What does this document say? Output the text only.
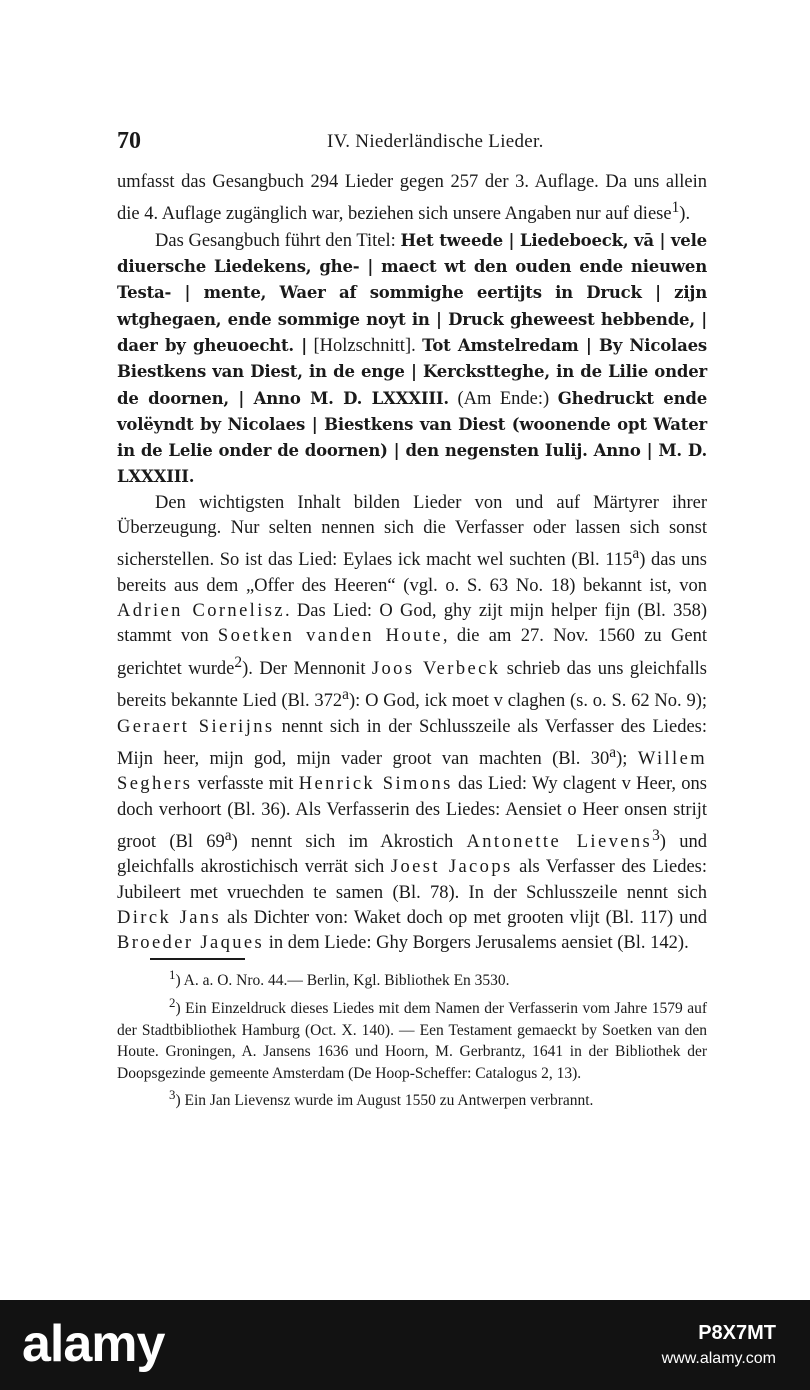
70	IV. Niederländische Lieder.

umfasst das Gesangbuch 294 Lieder gegen 257 der 3. Auflage. Da uns allein die 4. Auflage zugänglich war, beziehen sich unsere Angaben nur auf diese$^1$).

Das Gesangbuch führt den Titel: Het tweede | Liedeboeck, vā | vele diuersche Liedekens, ghe- | maect wt den ouden ende nieuwen Testa- | mente, Waer af sommighe eertijts in Druck | zijn wtghegaen, ende sommige noyt in | Druck ghewe​est hebbende, | daer by gheuoecht. | [Holzschnitt]. Tot Amstelredam | By Nicolaes Biestkens van Diest, in de enge | Kerckstteghe, in de Lilie onder de doornen, | Anno M. D. LXXXIII. (Am Ende:) Ghedruckt ende volëyndt by Nicolaes | Biestkens van Diest (woonende opt Water in de Lelie onder de doornen) | den negensten Iulij. Anno | M. D. LXXXIII.

Den wichtigsten Inhalt bilden Lieder von und auf Märtyrer ihrer Überzeugung. Nur selten nennen sich die Verfasser oder lassen sich sonst sicherstellen. So ist das Lied: Eylaes ick macht wel suchten (Bl. 115$^a$) das uns bereits aus dem „Offer des Heeren“ (vgl. o. S. 63 No. 18) bekannt ist, von Adrien Cornelisz. Das Lied: O God, ghy zijt mijn helper fijn (Bl. 358) stammt von Soetken vanden Houte, die am 27. Nov. 1560 zu Gent gerichtet wurde$^2$). Der Mennonit Joos Verbeck schrieb das uns gleichfalls bereits bekannte Lied (Bl. 372$^a$): O God, ick moet v claghen (s. o. S. 62 No. 9); Geraert Sierijns nennt sich in der Schlusszeile als Verfasser des Liedes: Mijn heer, mijn god, mijn vader groot van machten (Bl. 30$^a$); Willem Seghers verfasste mit Henrick Simons das Lied: Wy clagent v Heer, ons doch verhoort (Bl. 36). Als Verfasserin des Liedes: Aensiet o Heer onsen strijt groot (Bl 69$^a$) nennt sich im Akrostich Antonette Lievens$^3$) und gleichfalls akrostichisch verrät sich Joest Jacops als Verfasser des Liedes: Jubileert met vruechden te samen (Bl. 78). In der Schlusszeile nennt sich Dirck Jans als Dichter von: Waket doch op met grooten vlijt (Bl. 117) und Broeder Jaques in dem Liede: Ghy Borgers Jerusalems aensiet (Bl. 142).

$^1$) A. a. O. Nro. 44.— Berlin, Kgl. Bibliothek En 3530.

$^2$) Ein Einzeldruck dieses Liedes mit dem Namen der Verfasserin vom Jahre 1579 auf der Stadtbibliothek Hamburg (Oct. X. 140). — Een Testament gemaeckt by Soetken van den Houte. Groningen, A. Jansens 1636 und Hoorn, M. Gerbrantz, 1641 in der Bibliothek der Doopsgezinde gemeente Amsterdam (De Hoop-Scheffer: Catalogus 2, 13).

$^3$) Ein Jan Lievensz wurde im August 1550 zu Antwerpen verbrannt.

alamy	P8X7MT
www.alamy.com
